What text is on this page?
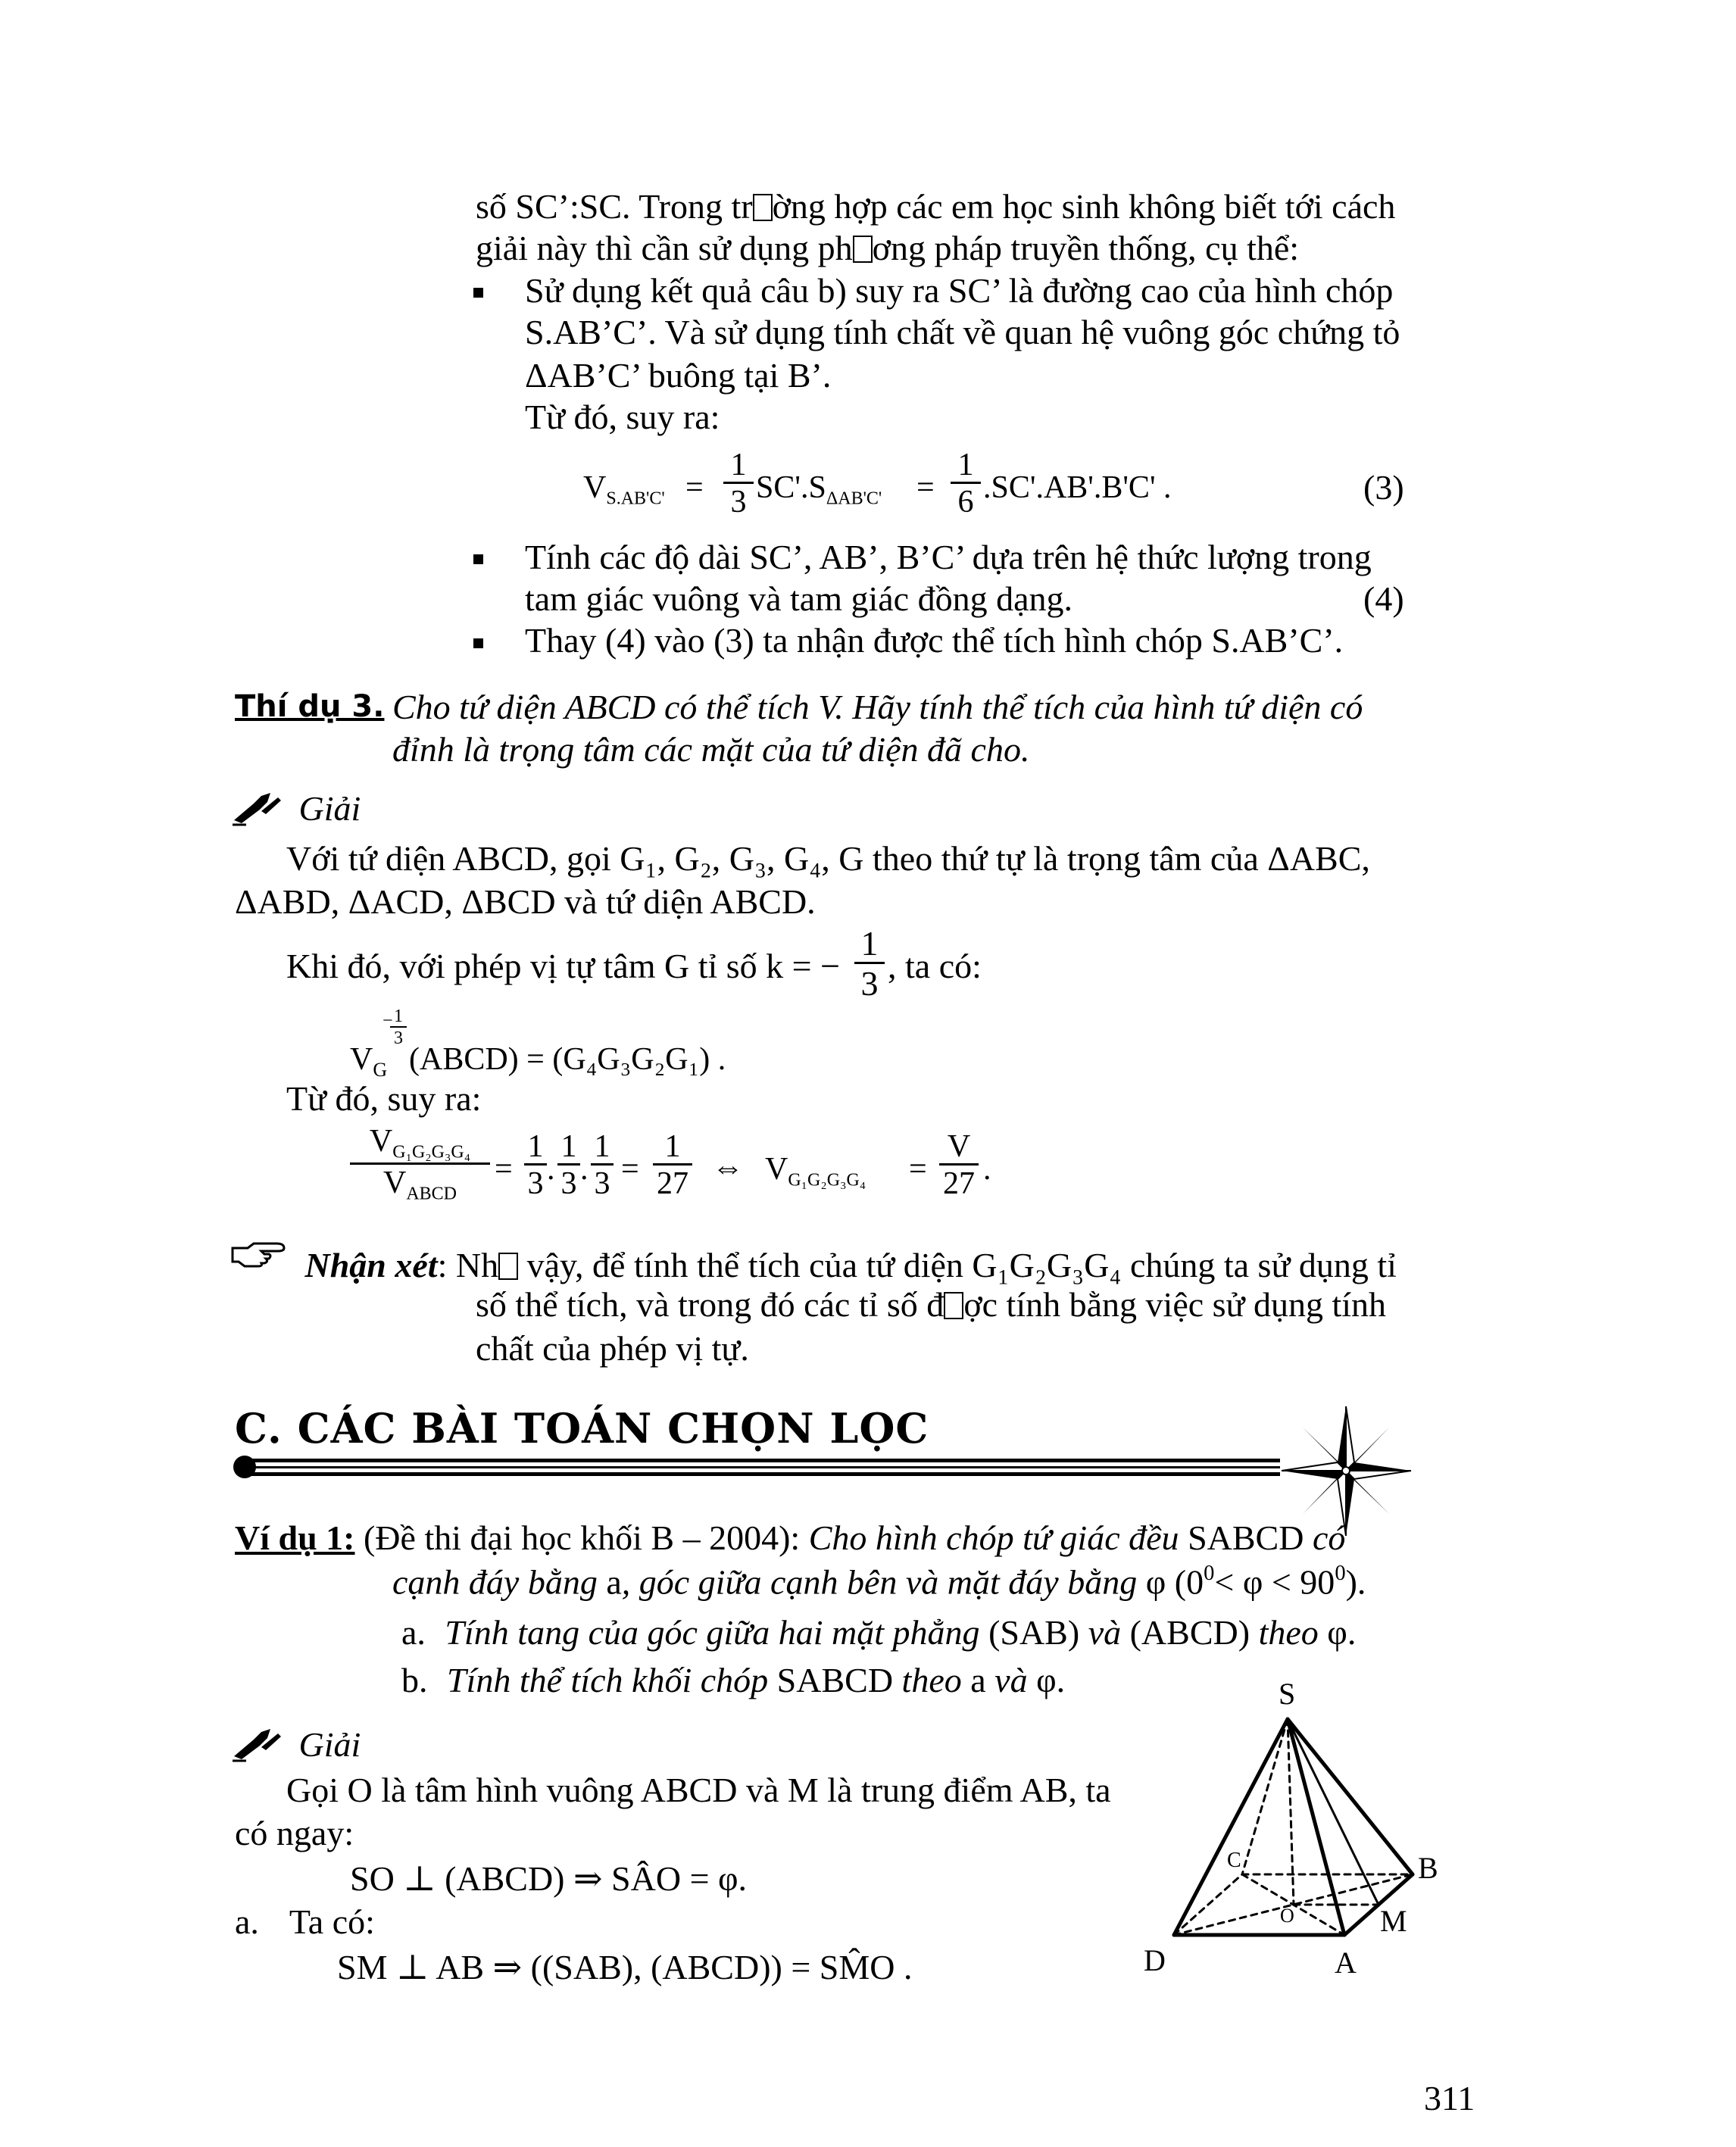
số SC’:SC. Trong tr ờng hợp các em học sinh không biết tới cách
giải này thì cần sử dụng ph ơng pháp truyền thống, cụ thể:
Sử dụng kết quả câu b) suy ra SC’ là đường cao của hình chóp
S.AB’C’. Và sử dụng tính chất về quan hệ vuông góc chứng tỏ
ΔAB’C’ buông tại B’.
Từ đó, suy ra:
$V_{S.AB'C'} = \frac{1}{3} SC'.S_{\Delta AB'C'} = \frac{1}{6} .SC'.AB'.B'C'$ .	(3)
Tính các độ dài SC’, AB’, B’C’ dựa trên hệ thức lượng trong
tam giác vuông và tam giác đồng dạng.	(4)
Thay (4) vào (3) ta nhận được thể tích hình chóp S.AB’C’.
Thí dụ 3. Cho tứ diện ABCD có thể tích V. Hãy tính thể tích của hình tứ diện có
đỉnh là trọng tâm các mặt của tứ diện đã cho.
Giải
Với tứ diện ABCD, gọi G₁, G₂, G₃, G₄, G theo thứ tự là trọng tâm của ΔABC,
ΔABD, ΔACD, ΔBCD và tứ diện ABCD.
Khi đó, với phép vị tự tâm G tỉ số k = − $\frac{1}{3}$ , ta có:
$V_G$
−
$\frac{1}{3}$
(ABCD) = (G₄G₃G₂G₁) .
Từ đó, suy ra:
$V_{G_1G_2G_3G_4}$
$V_{ABCD}$
= $\frac{1}{3}$ . $\frac{1}{3}$ . $\frac{1}{3} = \frac{1}{27}$ ⇔ $V_{G_1G_2G_3G_4} = \frac{V}{27}$ .
Nhận xét: Nh vậy, để tính thể tích của tứ diện G₁G₂G₃G₄ chúng ta sử dụng tỉ
số thể tích, và trong đó các tỉ số đ ợc tính bằng việc sử dụng tính
chất của phép vị tự.
C. CÁC BÀI TOÁN CHỌN LỌC
Ví dụ 1: (Đề thi đại học khối B – 2004): Cho hình chóp tứ giác đều SABCD có
cạnh đáy bằng a, góc giữa cạnh bên và mặt đáy bằng φ $(0^0< \varphi < 90^0)$.
a. Tính tang của góc giữa hai mặt phẳng (SAB) và (ABCD) theo φ.
b. Tính thể tích khối chóp SABCD theo a và φ.
Giải
Gọi O là tâm hình vuông ABCD và M là trung điểm AB, ta
có ngay:
SO ⊥ (ABCD) ⇒ SÂO = φ.
a. Ta có:
SM ⊥ AB ⇒ ((SAB), (ABCD)) = SM̂O .
S
C	B
O	M
D	A
311
